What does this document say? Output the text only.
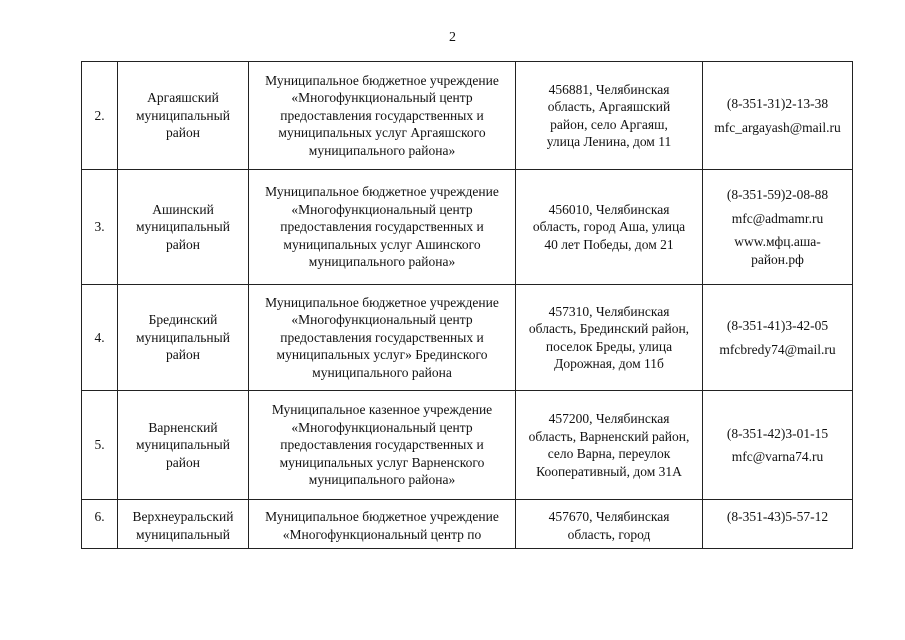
2
2.	Аргаяшский
муниципальный
район	Муниципальное бюджетное учреждение
«Многофункциональный центр
предоставления государственных и
муниципальных услуг Аргаяшского
муниципального района»	456881, Челябинская
область, Аргаяшский
район, село Аргаяш,
улица Ленина, дом 11	(8-351-31)2-13-38
mfc_argayash@mail.ru

3.	Ашинский
муниципальный
район	Муниципальное бюджетное учреждение
«Многофункциональный центр
предоставления государственных и
муниципальных услуг Ашинского
муниципального района»	456010, Челябинская
область, город Аша, улица
40 лет Победы, дом 21	(8-351-59)2-08-88
mfc@admamr.ru
www.мфц.аша-
район.рф

4.	Брединский
муниципальный
район	Муниципальное бюджетное учреждение
«Многофункциональный центр
предоставления государственных и
муниципальных услуг» Брединского
муниципального района	457310, Челябинская
область, Брединский район,
поселок Бреды, улица
Дорожная, дом 11б	(8-351-41)3-42-05
mfcbredy74@mail.ru

5.	Варненский
муниципальный
район	Муниципальное казенное учреждение
«Многофункциональный центр
предоставления государственных и
муниципальных услуг Варненского
муниципального района»	457200, Челябинская
область, Варненский район,
село Варна, переулок
Кооперативный, дом 31А	(8-351-42)3-01-15
mfc@varna74.ru

6.	Верхнеуральский
муниципальный	Муниципальное бюджетное учреждение
«Многофункциональный центр по	457670, Челябинская
область, город	(8-351-43)5-57-12
